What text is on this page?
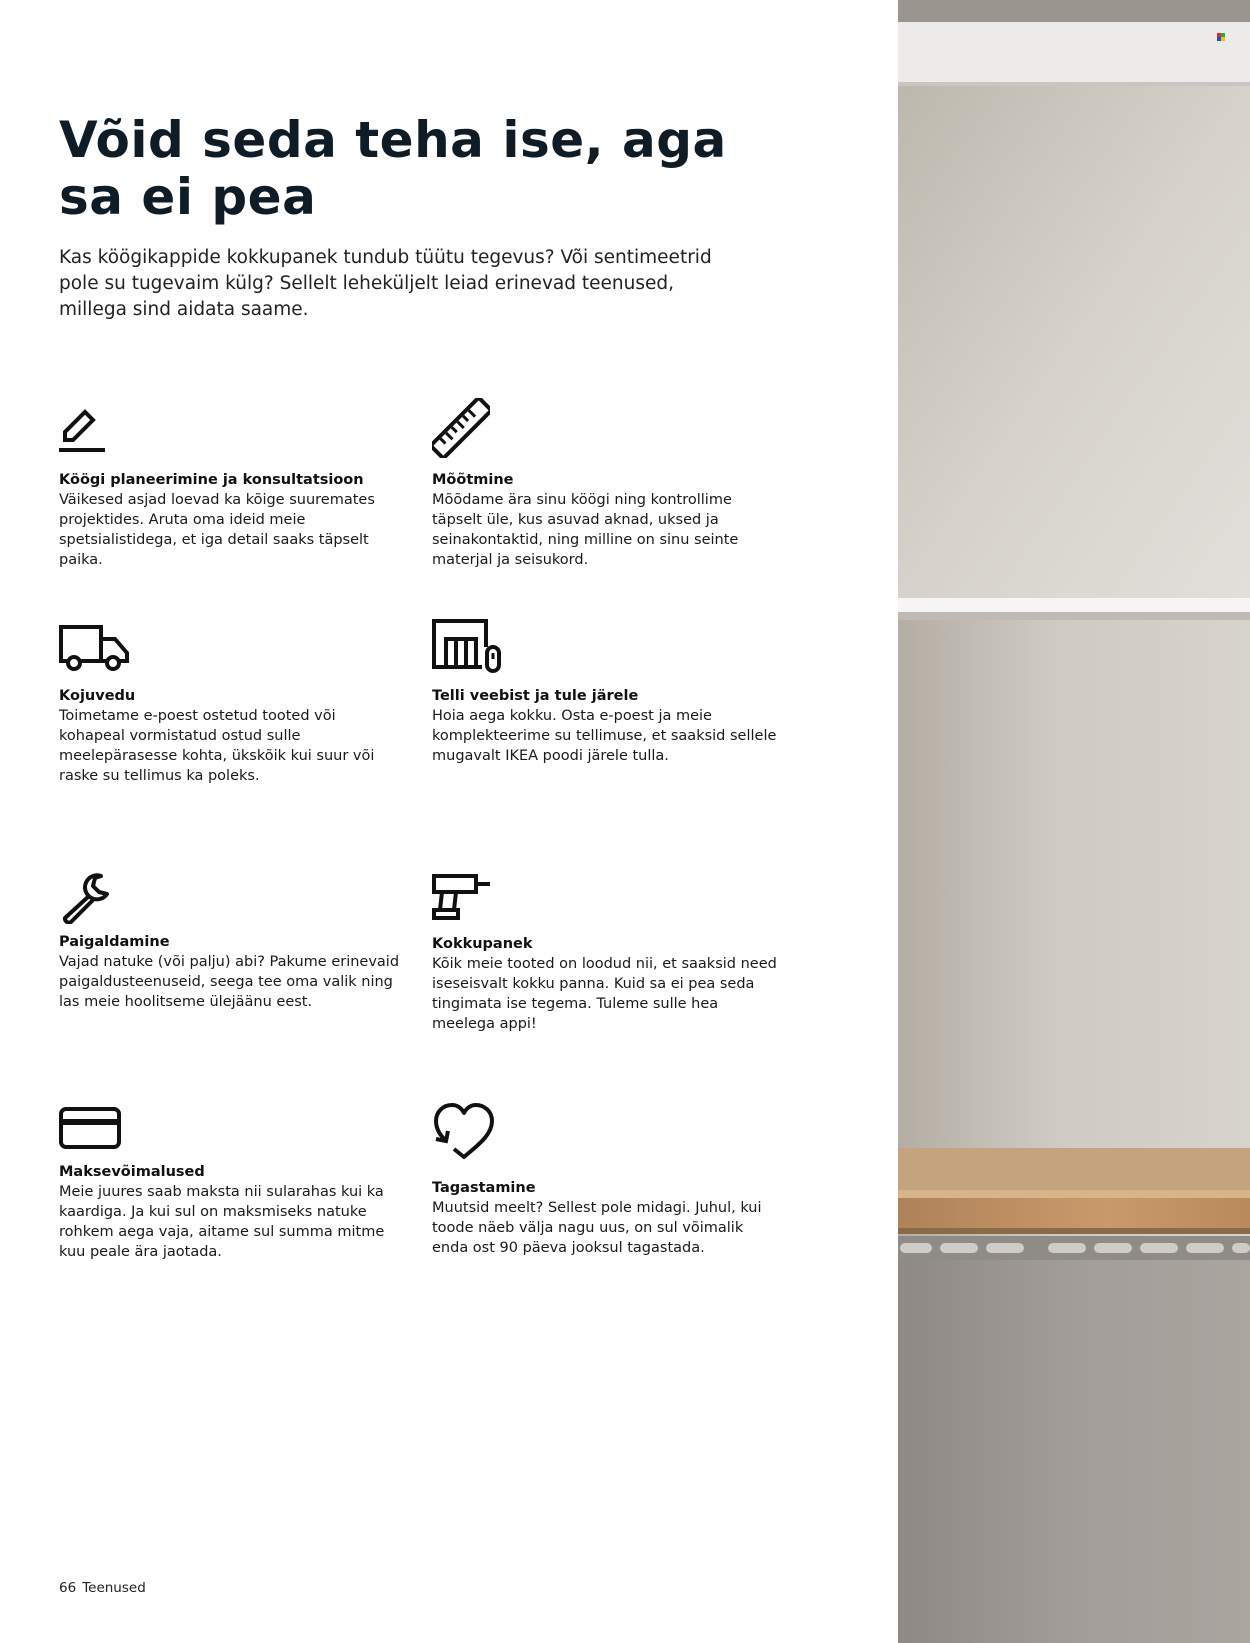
Võid seda teha ise, aga sa ei pea

Kas köögikappide kokkupanek tundub tüütu tegevus? Või sentimeetrid pole su tugevaim külg? Sellelt leheküljelt leiad erinevad teenused, millega sind aidata saame.

Köögi planeerimine ja konsultatsioon

Väikesed asjad loevad ka kõige suuremates projektides. Aruta oma ideid meie spetsialistidega, et iga detail saaks täpselt paika.

Mõõtmine

Mõõdame ära sinu köögi ning kontrollime täpselt üle, kus asuvad aknad, uksed ja seinakontaktid, ning milline on sinu seinte materjal ja seisukord.

Kojuvedu

Toimetame e-poest ostetud tooted või kohapeal vormistatud ostud sulle meelepärasesse kohta, ükskõik kui suur või raske su tellimus ka poleks.

Telli veebist ja tule järele

Hoia aega kokku. Osta e-poest ja meie komplekteerime su tellimuse, et saaksid sellele mugavalt IKEA poodi järele tulla.

Paigaldamine

Vajad natuke (või palju) abi? Pakume erinevaid paigaldusteenuseid, seega tee oma valik ning las meie hoolitseme ülejäänu eest.

Kokkupanek

Kõik meie tooted on loodud nii, et saaksid need iseseisvalt kokku panna. Kuid sa ei pea seda tingimata ise tegema. Tuleme sulle hea meelega appi!

Maksevõimalused

Meie juures saab maksta nii sularahas kui ka kaardiga. Ja kui sul on maksmiseks natuke rohkem aega vaja, aitame sul summa mitme kuu peale ära jaotada.

Tagastamine

Muutsid meelt? Sellest pole midagi. Juhul, kui toode näeb välja nagu uus, on sul võimalik enda ost 90 päeva jooksul tagastada.

66 Teenused
